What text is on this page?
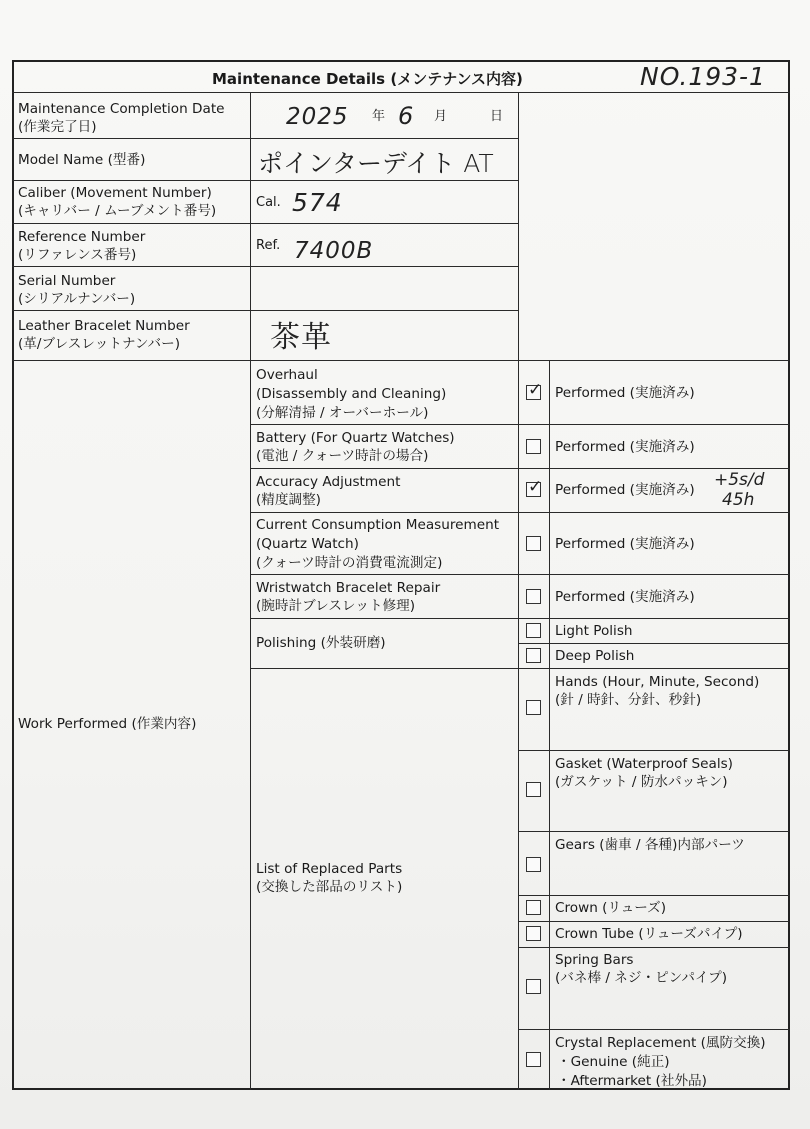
Maintenance Details (メンテナンス内容)	NO.193-1
Maintenance Completion Date
(作業完了日)
Model Name (型番)
Caliber (Movement Number)
(キャリバー / ムーブメント番号)
Reference Number
(リファレンス番号)
Serial Number
(シリアルナンバー)
Leather Bracelet Number
(革/ブレスレットナンバー)
2025 年 6 月	日
ポインターデイト AT
Cal. 574
Ref. 7400B
茶革
Work Performed (作業内容)
Overhaul
(Disassembly and Cleaning)
(分解清掃 / オーバーホール)
✓ Performed (実施済み)
Battery (For Quartz Watches)
(電池 / クォーツ時計の場合)
Performed (実施済み)
Accuracy Adjustment
(精度調整)
✓ Performed (実施済み) +5s/d
45h
Current Consumption Measurement
(Quartz Watch)
(クォーツ時計の消費電流測定)
Performed (実施済み)
Wristwatch Bracelet Repair
(腕時計ブレスレット修理)
Performed (実施済み)
Polishing (外装研磨)
Light Polish
Deep Polish
List of Replaced Parts
(交換した部品のリスト)
Hands (Hour, Minute, Second)
(針 / 時針、分針、秒針)
Gasket (Waterproof Seals)
(ガスケット / 防水パッキン)
Gears (歯車 / 各種)内部パーツ
Crown (リューズ)
Crown Tube (リューズパイプ)
Spring Bars
(バネ棒 / ネジ・ピンパイプ)
Crystal Replacement (風防交換)
・Genuine (純正)
・Aftermarket (社外品)
